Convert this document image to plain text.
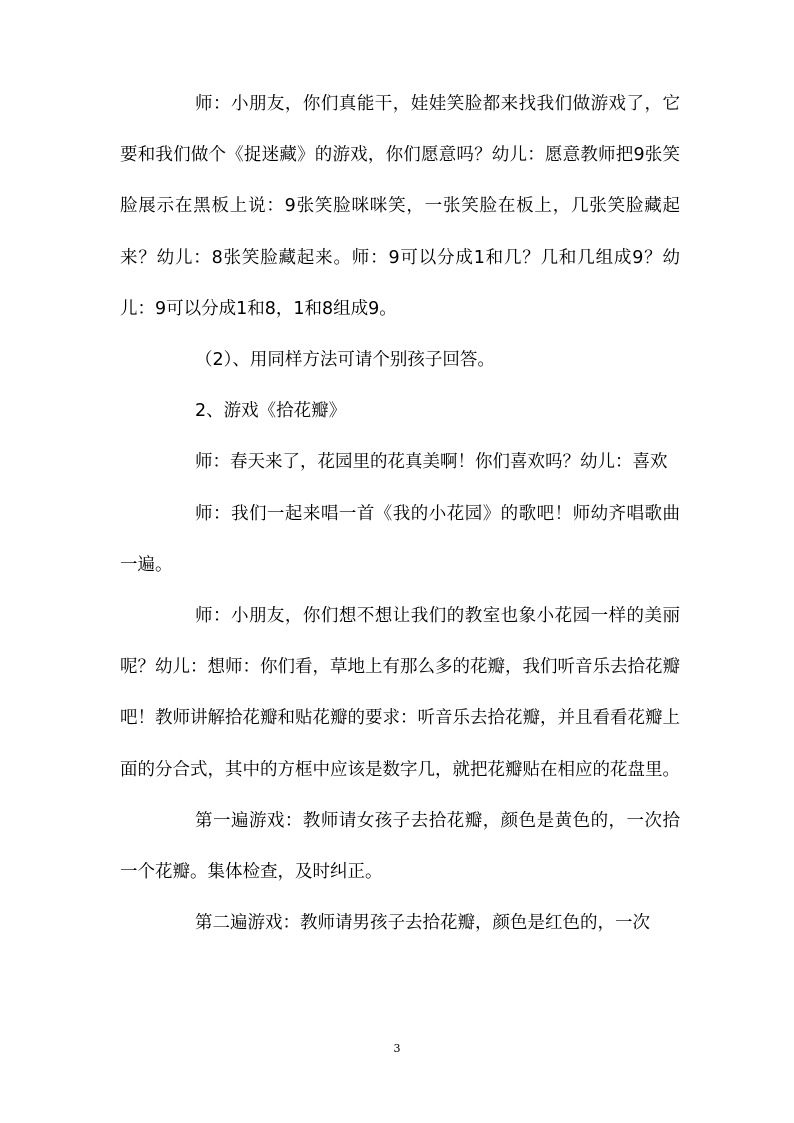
师：小朋友，你们真能干，娃娃笑脸都来找我们做游戏了，它要和我们做个《捉迷藏》的游戏，你们愿意吗？幼儿：愿意教师把9张笑脸展示在黑板上说：9张笑脸咪咪笑，一张笑脸在板上，几张笑脸藏起来？幼儿：8张笑脸藏起来。师：9可以分成1和几？几和几组成9？幼儿：9可以分成1和8，1和8组成9。

（2）、用同样方法可请个别孩子回答。

2、游戏《拾花瓣》

师：春天来了，花园里的花真美啊！你们喜欢吗？幼儿：喜欢

师：我们一起来唱一首《我的小花园》的歌吧！师幼齐唱歌曲一遍。

师：小朋友，你们想不想让我们的教室也象小花园一样的美丽呢？幼儿：想师：你们看，草地上有那么多的花瓣，我们听音乐去拾花瓣　吧！教师讲解拾花瓣和贴花瓣的要求：听音乐去拾花瓣，并且看看花瓣上面的分合式，其中的方框中应该是数字几，就把花瓣贴在相应的花盘里。

第一遍游戏：教师请女孩子去拾花瓣，颜色是黄色的，一次拾一个花瓣。集体检查，及时纠正。

第二遍游戏：教师请男孩子去拾花瓣，颜色是红色的，一次

3
